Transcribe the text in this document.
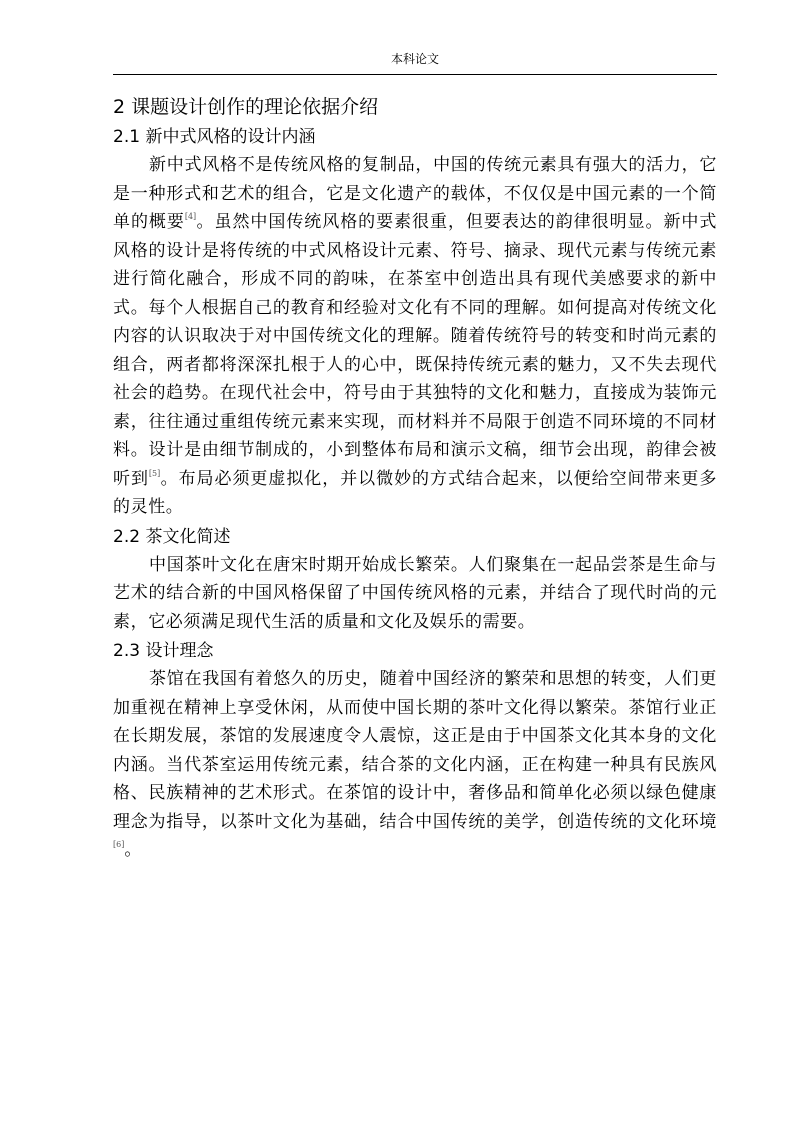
本科论文
2 课题设计创作的理论依据介绍
2.1 新中式风格的设计内涵

新中式风格不是传统风格的复制品，中国的传统元素具有强大的活力，它是一种形式和艺术的组合，它是文化遗产的载体，不仅仅是中国元素的一个简单的概要[4]。虽然中国传统风格的要素很重，但要表达的韵律很明显。新中式风格的设计是将传统的中式风格设计元素、符号、摘录、现代元素与传统元素进行简化融合，形成不同的韵味，在茶室中创造出具有现代美感要求的新中式。每个人根据自己的教育和经验对文化有不同的理解。如何提高对传统文化内容的认识取决于对中国传统文化的理解。随着传统符号的转变和时尚元素的组合，两者都将深深扎根于人的心中，既保持传统元素的魅力，又不失去现代社会的趋势。在现代社会中，符号由于其独特的文化和魅力，直接成为装饰元素，往往通过重组传统元素来实现，而材料并不局限于创造不同环境的不同材料。设计是由细节制成的，小到整体布局和演示文稿，细节会出现，韵律会被听到[5]。布局必须更虚拟化，并以微妙的方式结合起来，以便给空间带来更多的灵性。

2.2 茶文化简述

中国茶叶文化在唐宋时期开始成长繁荣。人们聚集在一起品尝茶是生命与艺术的结合新的中国风格保留了中国传统风格的元素，并结合了现代时尚的元素，它必须满足现代生活的质量和文化及娱乐的需要。

2.3 设计理念

茶馆在我国有着悠久的历史，随着中国经济的繁荣和思想的转变，人们更加重视在精神上享受休闲，从而使中国长期的茶叶文化得以繁荣。茶馆行业正在长期发展，茶馆的发展速度令人震惊，这正是由于中国茶文化其本身的文化内涵。当代茶室运用传统元素，结合茶的文化内涵，正在构建一种具有民族风格、民族精神的艺术形式。在茶馆的设计中，奢侈品和简单化必须以绿色健康理念为指导，以茶叶文化为基础，结合中国传统的美学，创造传统的文化环境[6]。
